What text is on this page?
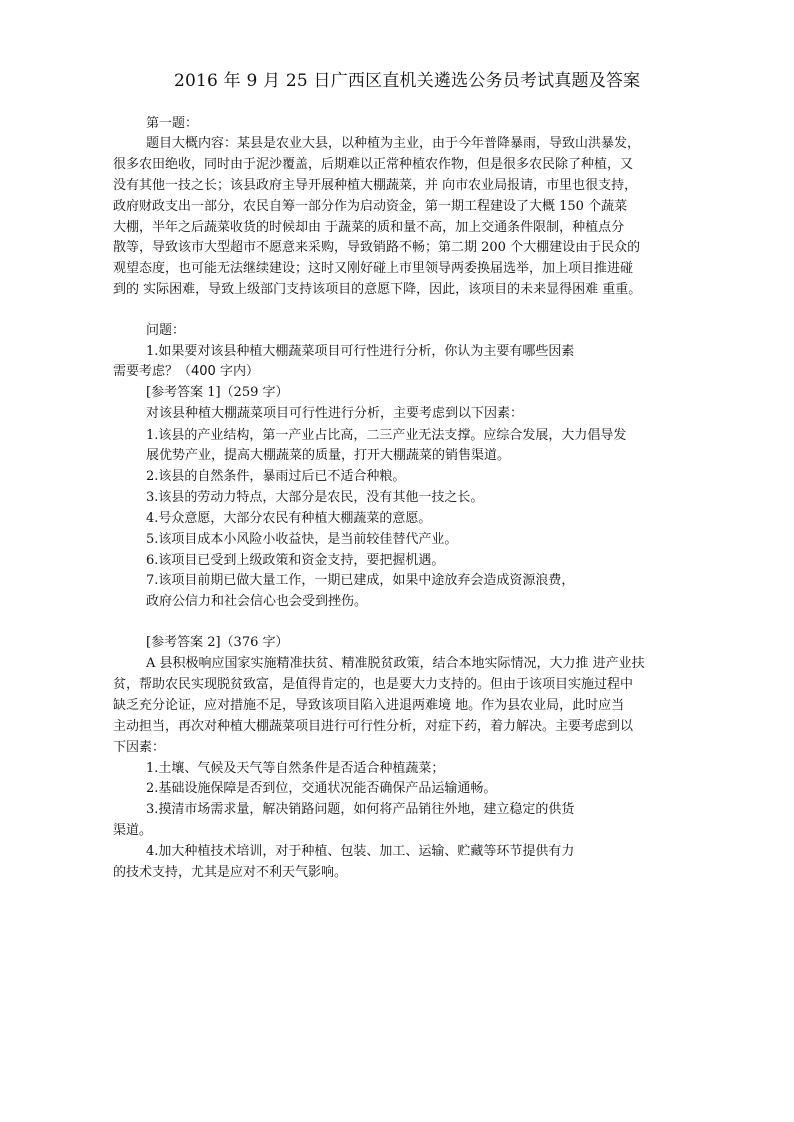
2016 年 9 月 25 日广西区直机关遴选公务员考试真题及答案
第一题：
题目大概内容：某县是农业大县，以种植为主业，由于今年普降暴雨，导致山洪暴发，
很多农田绝收，同时由于泥沙覆盖，后期难以正常种植农作物，但是很多农民除了种植，又
没有其他一技之长；该县政府主导开展种植大棚蔬菜，并 向市农业局报请，市里也很支持，
政府财政支出一部分，农民自筹一部分作为启动资金，第一期工程建设了大概 150 个蔬菜
大棚，半年之后蔬菜收货的时候却由 于蔬菜的质和量不高，加上交通条件限制，种植点分
散等，导致该市大型超市不愿意来采购，导致销路不畅；第二期 200 个大棚建设由于民众的
观望态度，也可能无法继续建设；这时又刚好碰上市里领导两委换届选举，加上项目推进碰
到的 实际困难，导致上级部门支持该项目的意愿下降，因此，该项目的未来显得困难 重重。
问题：
1.如果要对该县种植大棚蔬菜项目可行性进行分析，你认为主要有哪些因素
需要考虑？（400 字内）
[参考答案 1]（259 字）
对该县种植大棚蔬菜项目可行性进行分析，主要考虑到以下因素：
1.该县的产业结构，第一产业占比高，二三产业无法支撑。应综合发展，大力倡导发
展优势产业，提高大棚蔬菜的质量，打开大棚蔬菜的销售渠道。
2.该县的自然条件，暴雨过后已不适合种粮。
3.该县的劳动力特点，大部分是农民，没有其他一技之长。
4.号众意愿，大部分农民有种植大棚蔬菜的意愿。
5.该项目成本小风险小收益快，是当前较佳替代产业。
6.该项目已受到上级政策和资金支持，要把握机遇。
7.该项目前期已做大量工作，一期已建成，如果中途放弃会造成资源浪费，
政府公信力和社会信心也会受到挫伤。
[参考答案 2]（376 字）
A 县积极响应国家实施精准扶贫、精准脱贫政策，结合本地实际情况，大力推 进产业扶
贫，帮助农民实现脱贫致富，是值得肯定的，也是要大力支持的。但由于该项目实施过程中
缺乏充分论证，应对措施不足，导致该项目陷入进退两难境 地。作为县农业局，此时应当
主动担当，再次对种植大棚蔬菜项目进行可行性分析，对症下药，着力解决。主要考虑到以
下因素：
1.土壤、气候及天气等自然条件是否适合种植蔬菜；
2.基础设施保障是否到位，交通状况能否确保产品运输通畅。
3.摸清市场需求量，解决销路问题，如何将产品销往外地，建立稳定的供货
渠道。
4.加大种植技术培训，对于种植、包装、加工、运输、贮藏等环节提供有力
的技术支持，尤其是应对不利天气影响。
